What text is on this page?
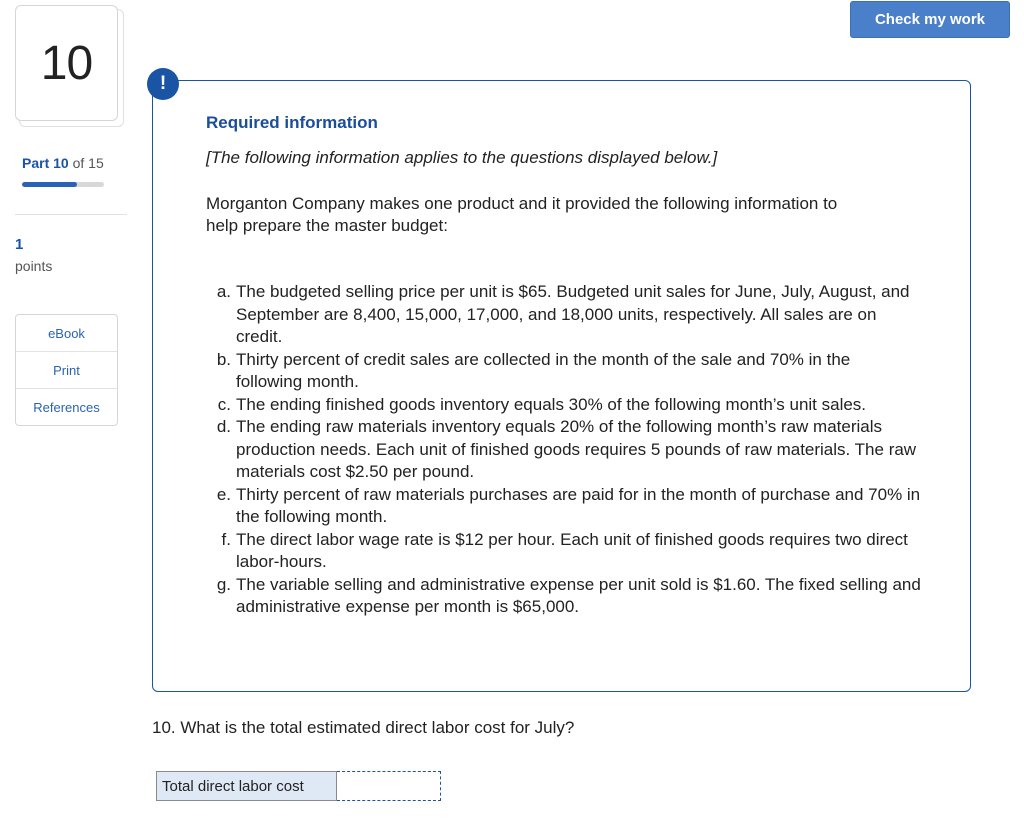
10
Part 10 of 15
1
points
eBook
Print
References
Check my work
!
Required information
[The following information applies to the questions displayed below.]
Morganton Company makes one product and it provided the following information to help prepare the master budget:
a. The budgeted selling price per unit is $65. Budgeted unit sales for June, July, August, and September are 8,400, 15,000, 17,000, and 18,000 units, respectively. All sales are on credit.
b. Thirty percent of credit sales are collected in the month of the sale and 70% in the following month.
c. The ending finished goods inventory equals 30% of the following month’s unit sales.
d. The ending raw materials inventory equals 20% of the following month’s raw materials production needs. Each unit of finished goods requires 5 pounds of raw materials. The raw materials cost $2.50 per pound.
e. Thirty percent of raw materials purchases are paid for in the month of purchase and 70% in the following month.
f. The direct labor wage rate is $12 per hour. Each unit of finished goods requires two direct labor-hours.
g. The variable selling and administrative expense per unit sold is $1.60. The fixed selling and administrative expense per month is $65,000.
10. What is the total estimated direct labor cost for July?
Total direct labor cost
